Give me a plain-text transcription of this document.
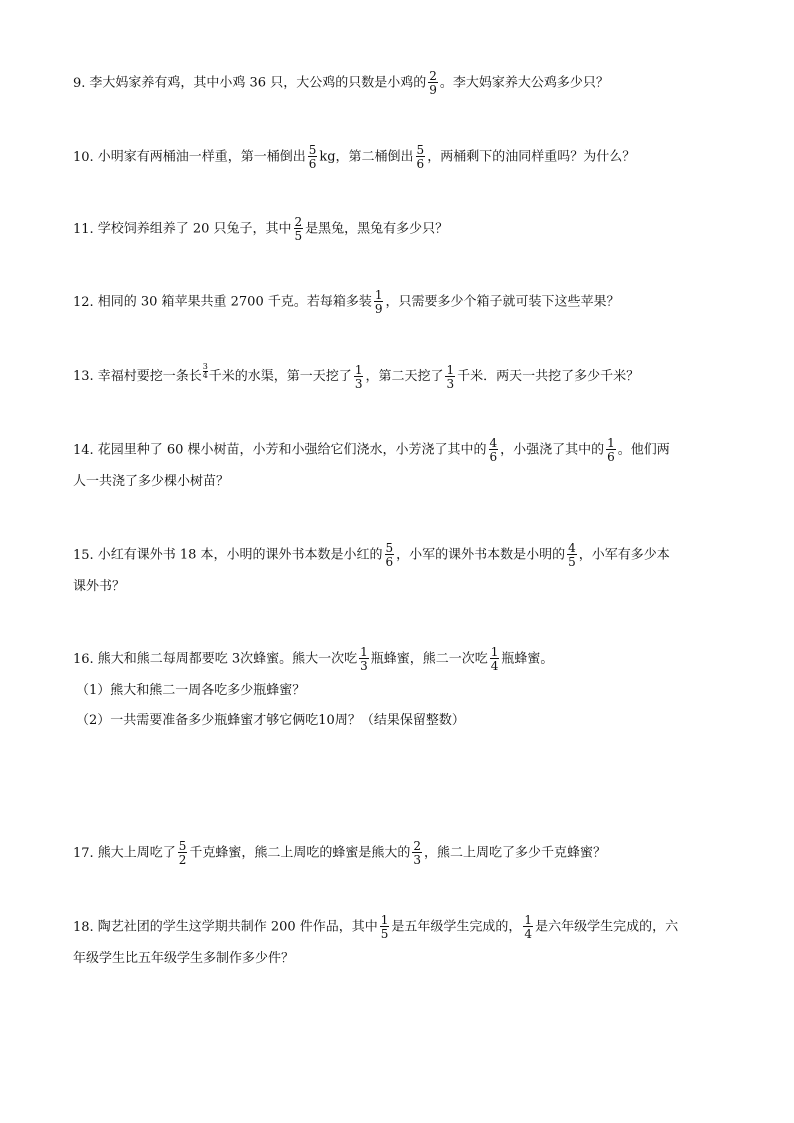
9. 李大妈家养有鸡，其中小鸡 36 只，大公鸡的只数是小鸡的 $\frac{2}{9}$ 。李大妈家养大公鸡多少只？
10. 小明家有两桶油一样重，第一桶倒出 $\frac{5}{6}$ kg，第二桶倒出 $\frac{5}{6}$ ，两桶剩下的油同样重吗？为什么？
11. 学校饲养组养了 20 只兔子，其中 $\frac{2}{5}$ 是黑兔，黑兔有多少只？
12. 相同的 30 箱苹果共重 2700 千克。若每箱多装 $\frac{1}{9}$ ，只需要多少个箱子就可装下这些苹果？
13. 幸福村要挖一条长 $\frac{3}{4}$ 千米的水渠，第一天挖了 $\frac{1}{3}$ ，第二天挖了 $\frac{1}{3}$ 千米．两天一共挖了多少千米？
14. 花园里种了 60 棵小树苗，小芳和小强给它们浇水，小芳浇了其中的 $\frac{4}{6}$ ，小强浇了其中的 $\frac{1}{6}$ 。他们两
人一共浇了多少棵小树苗？
15. 小红有课外书 18 本，小明的课外书本数是小红的 $\frac{5}{6}$ ，小军的课外书本数是小明的 $\frac{4}{5}$ ，小军有多少本
课外书？
16. 熊大和熊二每周都要吃 3次蜂蜜。熊大一次吃 $\frac{1}{3}$ 瓶蜂蜜，熊二一次吃 $\frac{1}{4}$ 瓶蜂蜜。
（1）熊大和熊二一周各吃多少瓶蜂蜜？
（2）一共需要准备多少瓶蜂蜜才够它俩吃10周？（结果保留整数）
17. 熊大上周吃了 $\frac{5}{2}$ 千克蜂蜜，熊二上周吃的蜂蜜是熊大的 $\frac{2}{3}$ ，熊二上周吃了多少千克蜂蜜？
18. 陶艺社团的学生这学期共制作 200 件作品，其中 $\frac{1}{5}$ 是五年级学生完成的， $\frac{1}{4}$ 是六年级学生完成的，六
年级学生比五年级学生多制作多少件？
